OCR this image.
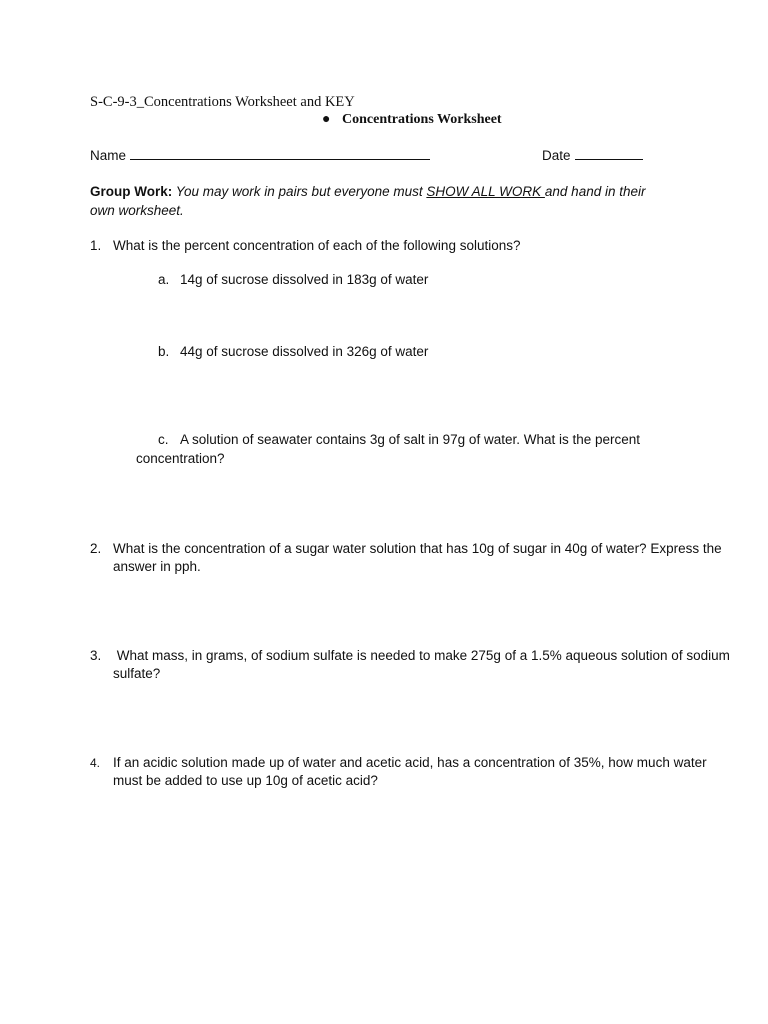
S-C-9-3_Concentrations Worksheet and KEY
● Concentrations Worksheet
Name	Date
Group Work: You may work in pairs but everyone must SHOW ALL WORK and hand in their own worksheet.
1. What is the percent concentration of each of the following solutions?
a. 14g of sucrose dissolved in 183g of water
b. 44g of sucrose dissolved in 326g of water
c. A solution of seawater contains 3g of salt in 97g of water. What is the percent
concentration?
2. What is the concentration of a sugar water solution that has 10g of sugar in 40g of water? Express the
answer in pph.
3. What mass, in grams, of sodium sulfate is needed to make 275g of a 1.5% aqueous solution of sodium
sulfate?
4. If an acidic solution made up of water and acetic acid, has a concentration of 35%, how much water
must be added to use up 10g of acetic acid?
